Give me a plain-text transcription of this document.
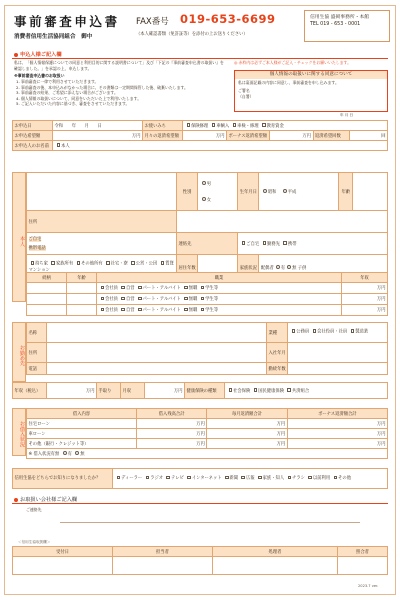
事前審査申込書 FAX番号 019-653-6699
消費者信用生活協同組合　御中	（本人確認書類（免許証等）を添付の上お送りください）
信用生協 盛岡事務所・本館
TEL 019 - 653 - 0001
申込人様ご記入欄
私は、「個人情報保護についての同意と利用目的に関する説明書について」及び「下記の『事前審査申込書の取扱い』を確認しました。」を承認の上、申込します。
※事前審査申込書のお取扱い
1. 事前審査に一律で利用させていただきます。
2. 事前審査の後、本申込みがなかった場合に、その書類は一定期間保管した後、破棄いたします。
3. 事前審査の結果、ご希望に添えない場合がございます。
4. 個人情報の取扱いについて、同意をいただいた上で利用いたします。
5. ご記入いただいた内容に基づき、審査をさせていただきます。
◎ 赤枠内は必ずご本人様がご記入・チェックをお願いいたします。
個人情報の取扱いに関する同意について
私は裏面記載の内容に同意し、事前審査を申し込みます。
ご署名
（自署）
年 月 日
お申込日	令和　　 年　　 月　　 日	お使いみち	保険修理 車輌入 車検・修理 教育資金				
お申込希望額	万円	月々の返済希望額	万円	ボーナス返済希望額	万円	返済希望回数	回
お申込人のお名前	本人						
本人
	性別	男
女	生年月日	昭和　 平成	年齢	
住所						

ご自宅
携帯電話	連絡先		ご自宅 勤務先 携帯			
持ち家 家族所有 その他所有 社宅・寮 公営・公団 賃貸マンション	居住年数		家族状況	配偶者 有 無 子供		
続柄	年齢	職業	年収
		会社員 自営 パート・アルバイト 無職 学生等	万円
		会社員 自営 パート・アルバイト 無職 学生等	万円
		会社員 自営 パート・アルバイト 無職 学生等	万円
お勤め先
名称		業種	公務員 会社役員・社員 製造業
住所		入社年月	
電話		勤続年数	
年収（税込）	万円	手取り	月収	万円	健康保険の種類	社会保険 国民健康保険 共済組合
お借入状況
借入内容	借入残高合計	毎月返済額合計	ボーナス返済額合計
住宅ローン	万円	万円	万円
車ローン	万円	万円	万円
その他（銀行・クレジット等）	万円	万円	万円
※ 借入状況有無 有 無			
信用生協をどちらでお知りになりましたか？	ディーラー ラジオ テレビ インターネット 新聞 広報 家族・知人 チラシ 以前利用 その他
お取扱い会社様ご記入欄
ご連絡先
＜信用生協取扱欄＞
受付日	担当者	処理者	照合者

2023.7 ver.
